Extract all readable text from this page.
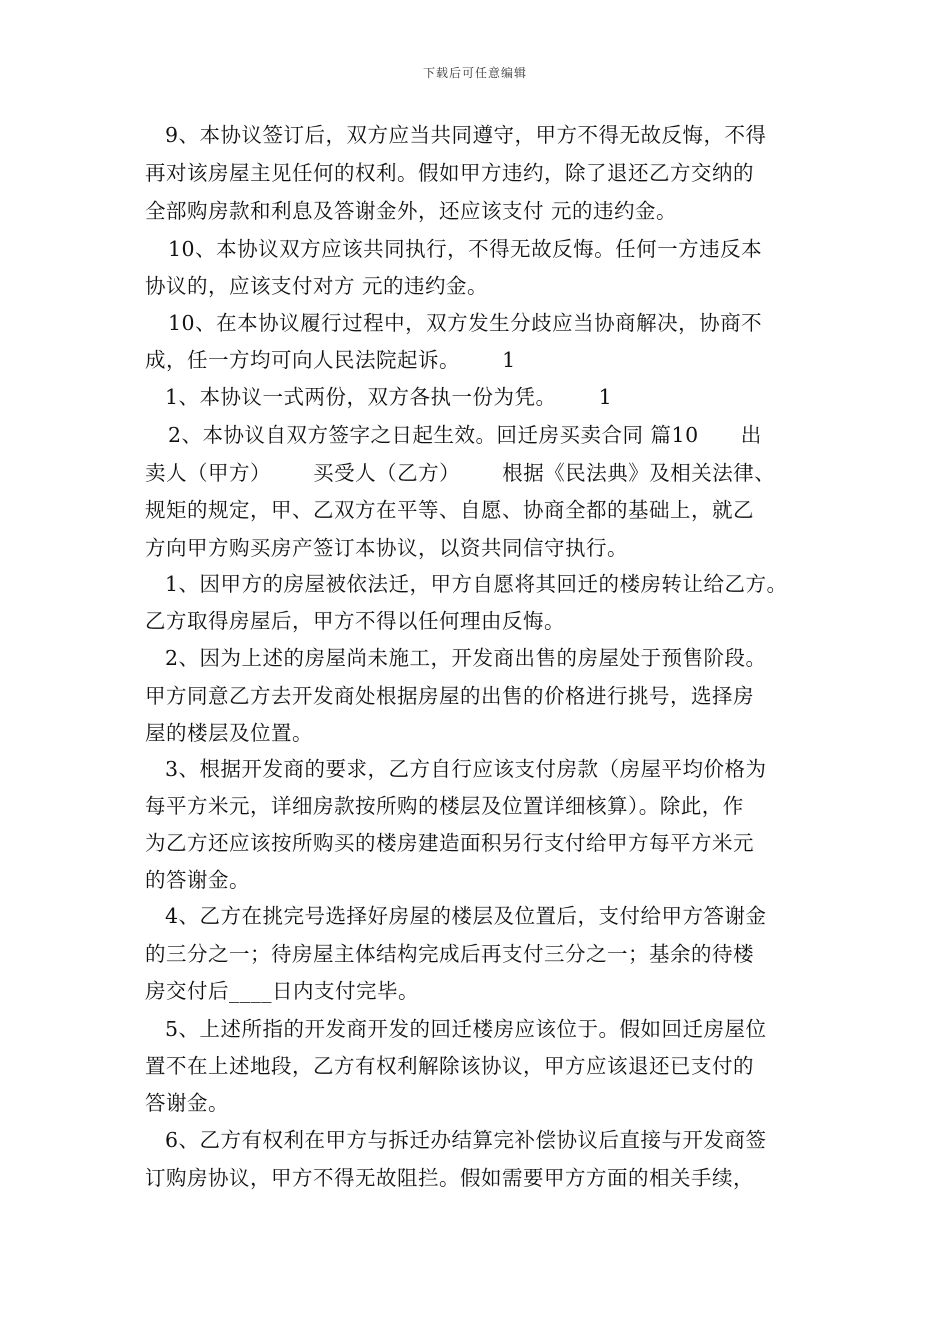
下载后可任意编辑
9、本协议签订后，双方应当共同遵守，甲方不得无故反悔，不得
再对该房屋主见任何的权利。假如甲方违约，除了退还乙方交纳的
全部购房款和利息及答谢金外，还应该支付 元的违约金。
10、本协议双方应该共同执行，不得无故反悔。任何一方违反本
协议的，应该支付对方 元的违约金。
10、在本协议履行过程中，双方发生分歧应当协商解决，协商不
成，任一方均可向人民法院起诉。      1
1、本协议一式两份，双方各执一份为凭。      1
2、本协议自双方签字之日起生效。回迁房买卖合同 篇10      出
卖人（甲方）      买受人（乙方）      根据《民法典》及相关法律、
规矩的规定，甲、乙双方在平等、自愿、协商全都的基础上，就乙
方向甲方购买房产签订本协议，以资共同信守执行。
1、因甲方的房屋被依法迁，甲方自愿将其回迁的楼房转让给乙方。
乙方取得房屋后，甲方不得以任何理由反悔。
2、因为上述的房屋尚未施工，开发商出售的房屋处于预售阶段。
甲方同意乙方去开发商处根据房屋的出售的价格进行挑号，选择房
屋的楼层及位置。
3、根据开发商的要求，乙方自行应该支付房款（房屋平均价格为
每平方米元，详细房款按所购的楼层及位置详细核算）。除此，作
为乙方还应该按所购买的楼房建造面积另行支付给甲方每平方米元
的答谢金。
4、乙方在挑完号选择好房屋的楼层及位置后，支付给甲方答谢金
的三分之一；待房屋主体结构完成后再支付三分之一；基余的待楼
房交付后____日内支付完毕。
5、上述所指的开发商开发的回迁楼房应该位于。假如回迁房屋位
置不在上述地段，乙方有权利解除该协议，甲方应该退还已支付的
答谢金。
6、乙方有权利在甲方与拆迁办结算完补偿协议后直接与开发商签
订购房协议，甲方不得无故阻拦。假如需要甲方方面的相关手续，
